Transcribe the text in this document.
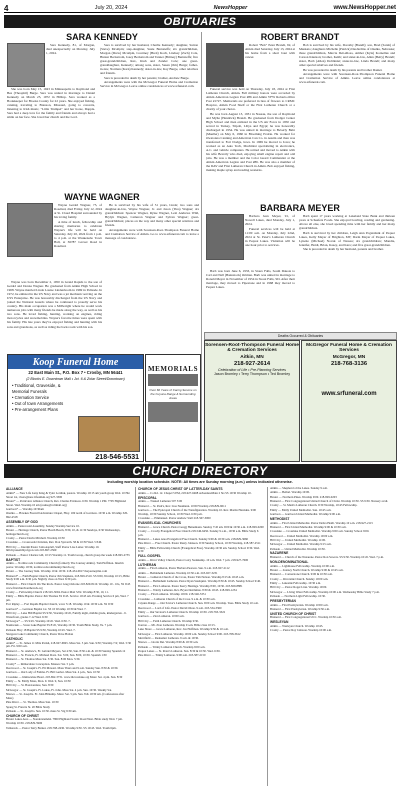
4	July 20, 2024	NewsHopper	www.NewsHopper.net
OBITUARIES
SARA KENNEDY

Sara Kennedy, 81, of Morgan, died unexpectedly on Monday, July 1, 2024.

She was born May 15, 1943 in Minneapolis to Raymond and Bea (Theophil) Burge. Sara was united in marriage to Daniel Kennedy on March 25, 1972 in Hilltop. Sara worked as a Bookkeeper for Brooks County for 22 years. She enjoyed fishing, canning, traveling to Branson, Missouri, going to concerts, listening to Irish music, "Little Trumpet" and her horse, Dapple. Sara had a deep love for the family and friends and always had a smile on her face. She loved her church and the Lord.

Sara is survived by her husband, Charlie Kennedy; daughter, Sutton (Steve) McAlpin; step-daughter, Susie Bernsteffs; six grandchildren, Morgan (Drew) McAlpin, Courtney (Brett) Koch, Lindsey (Zach) Cole, Hunter Beckstrom, Josey Beckstrom and Tanner (Britney) Bernsteffs; five great-grandchildren, Rex, Kiah and Zander Cole; one great-granddaughter, Kennedy; among sons, sister, Susan (Jim) Burge; father-in-law, Norman (Karn) Kennedy; sister-in-law, Kay Burge, other relatives and friends.

Sara is preceded in death by her parents; brother, Andrew Burge.

Arrangements were with the McGregor Funeral Home and Cremation Service in McGregor. Leave online condolences at www.srfuneral.com.

ROBERT BRANDT

Robert "Bob" Peter Brandt, 92, of Aitkin died Saturday, July 13, 2024 at his home from a short bout with cancer.

Funeral service was held on Thursday, July 18, 2024 at First Lutheran Church, Aitkin. Full military honors were accorded by Aitkin American Legion Post #86 and Aitkin VFW Roberts-Olive Post #1727. Memorials are preferred in lieu of flowers to CRMC Hospice, Aitkin Food Shelf or the First Lutheran Church or a charity of your choice.

He was born August 13, 1931 in Nassau, the son of Raymond and Mylie (Hendrick) Brandt. He graduated from Dodger Center High School and then enlisted in the US Air Force in 1950 and served in Turkey, Tripoli, Libya and Egypt; he was honorably discharged in 1954. He was united in marriage to Beverly Bahr (Mueller) on May 6, 1960 in Blooming Prairie. He worked for Owatonna Canning and American Can Co. in Austin and then was transferred to Fort Dodge, Iowa. In 1969 he moved to Iowa; he worked as an Auto Tech, Machinist specializing in electronics, A.C. and vehicle computers. He retired and moved to Aitkin with his wife Beverly who died, enjoying small engine repair and odd jobs. He was a member and the Color Guard Commander at the Aitkin American Legion and Post #86. He was also a member of the DAV and First Lutheran Church in Aitkin. Bob enjoyed fishing, making maple syrup and reading westerns.

Bob is survived by his wife, Dorothy (Bazell); son, Brad (Sarah) of Mankato; daughters Michelle (Patrick) DesJardins of Onalka, Nebraska; three grandchildren, Marcie DeLaRosa, Amber (Kyle) Kornelius and Carson Knutson; brother, Keith; and sister-in-law, Allen (Betty) Brandt; sister, Barb (Allen) Doblinski; sister-in-law, Linda Brandt; and many other special relatives and friends.

He was preceded in death by his parents and brother Daniel.

Arrangements were with Sorensen-Root-Thompson Funeral Home and Cremation Service of Aitkin. Leave online condolences at www.srfuneral.com.

WAYNE WAGNER

Wayne Gerald Wagner, 75, of Rosebud, died Friday, July 12, 2024 at St. Cloud Hospital surrounded by his loving family.

A time of lunch, fellowship and sharing memories to celebrate Wayne's life will be held on Saturday, July 20, 2024 from 1 p.m. to 4 p.m. at the Waukenabo Town Hall, at 36787 Grover Road in Rosebud.

Wayne was born December 2, 1950 in Grand Rapids to the son of Gerald and Donna Wagner. He graduated from Aitkin High School in 1968. Wayne married Linda Louise Lindenboom in 1969 in Palisade. In 1972, he enlisted in the US Navy and was a jet mechanic serving on the USS Enterprise. He was honorably discharged from the US Navy and joined the National Guards where he continued to proudly serve his country. His main occupation was a Millwright where he would work numerous jobs with many friends he made along the way, as well as his two sons. He loved fishing, hunting, working on engines, riding motorcycles and snowmobiles. Wayne's favorite times were spent with his family. His late years they've enjoyed fishing and hunting with his sons and grandsons, as well as riding the back roads with his son.

He is survived by his wife of 51 years, Linda; two sons and daughter-in-law, Wayne Wagner, Jr. and Jason (Tina) Wagner; six grandchildren: Spencer Wagner, Rylee Wagner, Lexi Andrews Wild, Brylyn Wagner, Cameron Wagner and Sylvan Wagner; great-grandchildren; places on the way and many other special relatives and friends.

Arrangements were with Sorensen-Root-Thompson Funeral Home and Cremation Service of Aitkin. Go to www.srfuneral.com to leave a message of condolence.

BARBARA MEYER

Barbara Jean Meyer, 91, of Nowell Lakes, died Monday, July 1, 2024.

Funeral services will be held at 11:00 a.m. on Monday, July 22nd, 2024 at St. Peter's Lutheran Church in Pequot Lakes. Visitation will be one hour prior to services.

Barb was born June 6, 1933, in Sioux Falls, South Dakota to Carl and Nell (Bannstock) Ortman. Barb was united in marriage to Ronald Meyer in November of 1954 in Sioux Falls, SD. After their marriage, they moved to Pipestone and in 1968 they moved to Pequot Lakes.

Barb spent 17 years working at Lakeland State Bank and thirteen years at Schaefers Foods. She enjoyed bowling, reading and gardening. Above all else, she loved spending time with her family and her many grandchildren.

Barb is survived by her children, Leigh Ann Pogatshnik of Pequot Lakes, Kelly Meyer of Brighton, MT; Darin Meyer of Pequot Lakes, Lynette (Michael) Novak of Nassau; six grandchildren; Mandie, Jennifer, Heidi, Brian, Kasey, and Kara; and five great-grandchildren.

She is preceded in death by her husband, parents and brother.

Koop Funeral Home
22 East Main St., P.O. Box 7 • Crosby, MN 56441
(2 Blocks E. Downtown Mall • Jct. 6 & Zolar Street/Downtown)
• Traditional, Graveside, & Memorial Funerals
• Cremation Service
• Out of town Arrangements
• Pre-arrangement Plans
218-546-5531
MEMORIALS
Over 60 Years of Caring Service on the Cuyuna Range & Surrounding Areas
Deaths Occurred & Obituaries
Sorensen-Root-Thompson Funeral Home & Cremation Services
Aitkin, MN
218-927-2614
Celebration of Life • Pre-Planning Services
Jason Bromley • Terry Thompson • Ted Bromley
McGregor Funeral Home & Cremation Services
McGregor, MN
218-768-3136
www.srfuneral.com
CHURCH DIRECTORY
Including worship location schedule. NOTE: All times are Sunday morning (a.m.) unless indicated otherwise.
ALLIANCE
Aitkin* — New Life Luny King & Tyler Lotdink, pastors. Worship 10:15 am youth group Wed. 10 Hst Street 1st, rivers@new-lifeaitkin.org 927-3300
Baxter* — Pointview Alliance Church, Rev. Charles Erickson. 6:30. Worship 1 PM. 7795 Highland Street. Wed. Worship 10 am (noshe@voltmail.org)
Garrison* — Worship 10:30am
Onalka — Hawkes Freewill Adventure Chapel, Hwy. 169 north of Garrison. 10:30 a.m. Worship 320-692-4318
ASSEMBLY OF GOD
Aitkin — Pentecostal Assembly, Sunday Worship Service 10.
Baxter — Heritage Church, Pastor Heath Beach, 8:30, 10, & 11:30 Sundays, 6:30 Wednesdays, heritagechurch.org
Crosby — Pastor Devin Mitchell. Worship 10:30
Crosslake — Crossroads Christian, Rev. Don Sysverth. 5P & 10:30 Wed. 5 P.M.
Hill City — Interim Pastor John Asplell, Staff Pastor Lise Lutter. Worship 10. hillcityassemblyofgod.com 218-697-2569
Palisade — Pastor Charles Gill, 10:15 Worship 11. Youth Group, church group the week 218-845-2735
BAPTIST
Aitkin — Northwoods Community Church (formerly The Journey Aitkin). Tom Hoffman. Interim pastor. Worship 10:30, northwoodscommunitychurch.org
Baxter — The Journey 9am. Worship 10 & 10:30. 218-454-0617 thejourneymn.com
Brainerd* — Faith Baptist Church, Pastor Jim Stephens, 218-829-2510. SS 9:00, Worship 10:15, Bible Study 9:00 a.m. 6:30 p.m. Nightly class on Wed. 6:30 p.m.
Brainerd — First Church On The Rock. Pastor Greg Osborne 218-829-8110. Worship 10 - 10a, SS 9:45 www.firstchurchontherock.org
Crosby — Fellowship Church 218-545-3004. Pastor Matt 5/02. Worship 8:30, 10, 11.
Emily — Bible Baptist. Pastor Jim Thomas SS 9:45. Service 10:45 am. Evening Service 6 pm, Wed. 7 pm.
Fort Ripley — Fort Rapids Baptist Church, www 5:18. Worship 10 & 10:30 a.m. SS 9:30
Garrison* — Garrison Baptist 1st. SS 10 Worship 10:30 & Wed. 7.
Hill City — Lake Hill Baptist SS 9:30, Worship 10:45, Family night, middle grade, kindergarten - 6. Waterfront, grades 7-12 Wed. 6:30
McGregor* — SS 9:45. Worship 10:45. Wed. 6:30. 7.
Nashwauk — Swan Lake Baptist SS 8:45, Worship 10:30. Youth Bible Study, Tu. 7 p.m.
Palisade Hwy 18 Baptist SS 9:30, Worship 10:45. Wed. 7.
Sturgeon Lake Community Church, Pastor Dave Holtan
CATHOLIC
Aitkin* — St. James 11 Mile Parish, 218-927-6845. Mass Sat. 5 pm. Sun. 9:30; Worship 7-9; Wed. 5:30 pm. Fri. 9:00 a.m.
Brainerd — St. Andrew's, Fr. Gabriel Meyers, Sat 4:30, Sun. 8:30 a.m. & 10:30 Sunday Spanish 12
Brainerd — St. Francis, Fr. Michael Dorn. Sat. 5:00, Sun. 8:00, 10:30. Spanish 1:30
Brainerd — St. Thomas Mass Sat. 5:30. Sun. 8:00 Mon. 5:30.
Crosby* — Immaculate Conception. Masses: Sat. 5 p.m.
Deerwood — St. Joseph's. Fr. Eli Mawari. Mass Thurs and 9 a.m. Sunday Sun. 8:30 & 10:30.
Garrison — Our Lady of Fatima. Fr. Bill Gerber. Mass Sat. 4 p.m., Sun. 10:30
Crosslake — Immaculate Heart. 218-692-3731. www.ihcrosslake.org Mass: Sat. 4 pm. Sun. 8:30
Emily — St. Emily Mass, Mon. 9. Wed. 9, Sun. 10:30
Hill City — St. Bonaventure, Sun. 8:30
McGregor — St. Joseph's. Fr. Lukas, Fr. John. Mass Sat. 4 p.m. Sun. 10:30. Weekly Sat.
Nisswa — St. Joseph's. Fr. John Hilkamp. Mass: Sat. 5 pm. Sun. 8 & 10:30 am. (Confessions after Mass)
Pine River — St. Thomas. Mass Sun. 10:30
Spang St. Francis St. 20 Bible Study
Palisade — St. Joseph's. Sun. 10:30. mass St. Vig 9:30 am.
CHURCH OF CHRIST
Baxter Lakes Area — Nonderstemdal. 7800 Highland Scenic Road West. Bible study Wed. 7 pm. Worship 10:30. 218-829-5906
Tamarack — Pastor Terry Barker. 218-768-2430. Worship 9:30. SS 10:45. Wed. Youth 6pm.
CHURCH OF JESUS CHRIST OF LATTER-DAY SAINTS
Aitkin — Co Rd. 12. Chapel 5 PM, 218-927-6468 AdventureMain 2 Sts SS 10:30 Worship 10.
EPISCOPAL
Aitkin — Trusted Lutheran 507 5:00
Brainerd — St. Paul's, Rev. Lisa Neumann. 10:00 Worship 218-829-6011
Garrison — The Episcopal Church of the Transfiguration. Worship 10. Rev. Martin Hawkins. 9:00 Worship, 10:30 Sunday School, 10:30 Wed. 6:30 p.m.
Crosslake — Emmanuel. Pastor Andrew Stall 218-567-3000
EVANGELICAL CHURCHES
Brainerd — Grace Church. Pastor Gregg Heinemann. Sunday 7:45 am. 9:00 & 10:30 a.m. 218-829-0200
Crosby — Crosby Evangelical Free Church 218-546-6450. Sunday 9 a.m., 10:30 a.m. Bible Study 6 p.m.
Brainerd — Lakes Area Evangelical Free Church. Sunday 9:00 & 10:30 a.m. 218-829-3660
Pine River — Free Church. Pastor Rusty Johnson. 9:30 Sunday School, 10:30 Worship, 218-587-2511
Emily — Bible Fellowship Church (Evangelical Free). Worship 10:30 am. Sunday School 9:30. Wed. 6:30
FULL GOSPEL
Aitkin — River Valley Church, Pastor Larry Steinkamp. 10 a.m. Wed. 7 p.m. 218-927-7600
LUTHERAN
Aitkin — First Lutheran, Pastor Barbara Pearson. Sun. 9 a.m. 218-927-2112
Aitkin — Bethlehem Lutheran. Worship 10:30 a.m. 218-927-3231
Baxter — Lutheran Church of the Cross, Pastor Tim Nelson. Worship 8:15 & 10:45 a.m.
Brainerd — Bethlehem Lutheran. Pastor Ryan Sandquist. Worship 8:30 & 10:45. Sunday School 9:40.
Brainerd — First Lutheran. Pastor Kerry Hastings. Worship 8:00, 10:30. 218-829-8881
Brainerd — Trinity Lutheran. Rev. Bryan Deichman. 8:30 & 10:45. 218-829-1234
Crosby — First Lutheran. Worship 10:00. 218-546-5351
Crosslake — Lutheran Church of the Cross. 9 a.m. & 10:30 a.m.
Cuyuna Range — Our Savior's Lutheran Church. Sun. 9:00 a.m. Worship. Tues. Bible Study 10 a.m.
Deerwood — Lord of Life. Pastor David Olson. 9 a.m. 218-534-3360
Emily — Our Saviour's Lutheran Church. Worship 10:30. 218-763-3322
Garrison — Zion Lutheran. 10:00 a.m.
Hill City — Faith Lutheran Church. Worship 9:30.
Ironton — Mt. Zion Lutheran. Worship 9 a.m. Bible class 10:15.
Lake Shore — Grace Lutheran, Rev. Jon Hoffman. Worship 9:30 & 10 a.m.
McGregor — First Lutheran. Worship 10:00 a.m. Sunday School 9:00. 218-768-3612
Merrifield — Redeemer Lutheran. 9 a.m. & 10:30.
Nisswa — Gloria Dei. Worship 8:00 & 10:30 a.m.
Palisade — Trinity Lutheran Church. Worship 9:00 a.m.
Pequot Lakes — St. Peter's Lutheran. Sun. 8:30 & 10:30. Wed. 6:30.
Pine River — Trinity Lutheran. 9:00 a.m. 218-587-2150
Aitkin — Shepherd of the Lakes. Sunday 9 a.m.
Aitkin — Bethel. Worship 10:00.
Baxter — Northern Pines. Worship 9:00. 218-829-0203
Brainerd — First Congregational United Church of Christ. Worship 10:30. SS 9:30. Nursery avail.
Crosby — St. Mark's Lutheran Church. 9:30 Worship, 10:45 Fellowship.
Emily — Emily United Methodist. Sun. 10:45 a.m.
Garrison — Garrison United Methodist. Worship 9:00 a.m.
METHODIST
Aitkin — First United Methodist. Pastor Debra Heidt. Worship 10 a.m. 218-927-2115
Brainerd — First United Methodist. Worship 9:00 & 10:30 a.m.
Crosslake — Crosslake United Methodist. Worship 9:00 a.m. Sunday School 9:00.
Deerwood — United Methodist. Worship 10:00 a.m.
Hill City — United Methodist. Worship 11:00.
McGregor — United Methodist. Worship 9:15 a.m.
Palisade — United Methodist. Worship 10:30.
NAZARENE
Brainerd — Church of the Nazarene. Pastor Ron Sowers. SS 9:30. Worship 10:45. Wed. 7 p.m.
NON-DENOMINATIONAL
Aitkin — Lighthouse Fellowship. Worship 10:00 a.m.
Baxter — Journey North Church. Worship 9:00 & 10:45 a.m.
Brainerd — Cornerstone Church. 9:00 & 10:30 a.m.
Crosby — Riverside Church. Sunday 10:00 a.m.
Emily — Lakeside Fellowship. 10:30 a.m.
Hill City — Pastor Roger Linn. Worship 10:00.
McGregor — Living Water Fellowship. Worship 10:00 a.m. Wednesday Bible Study 7 p.m.
Palisade — Northern Light Fellowship. 10:30.
PRESBYTERIAN
Aitkin — First Presbyterian. Worship 10:00 a.m.
Brainerd — First Presbyterian. Worship 9:30 a.m.
UNITED CHURCH OF CHRIST
Brainerd — First Congregational UCC. Worship 10:30 a.m.
WESLEYAN
Aitkin — Wesleyan Church. Worship 10:45.
Crosby — Pastor Ray Johnson. Worship 10:00 a.m.
